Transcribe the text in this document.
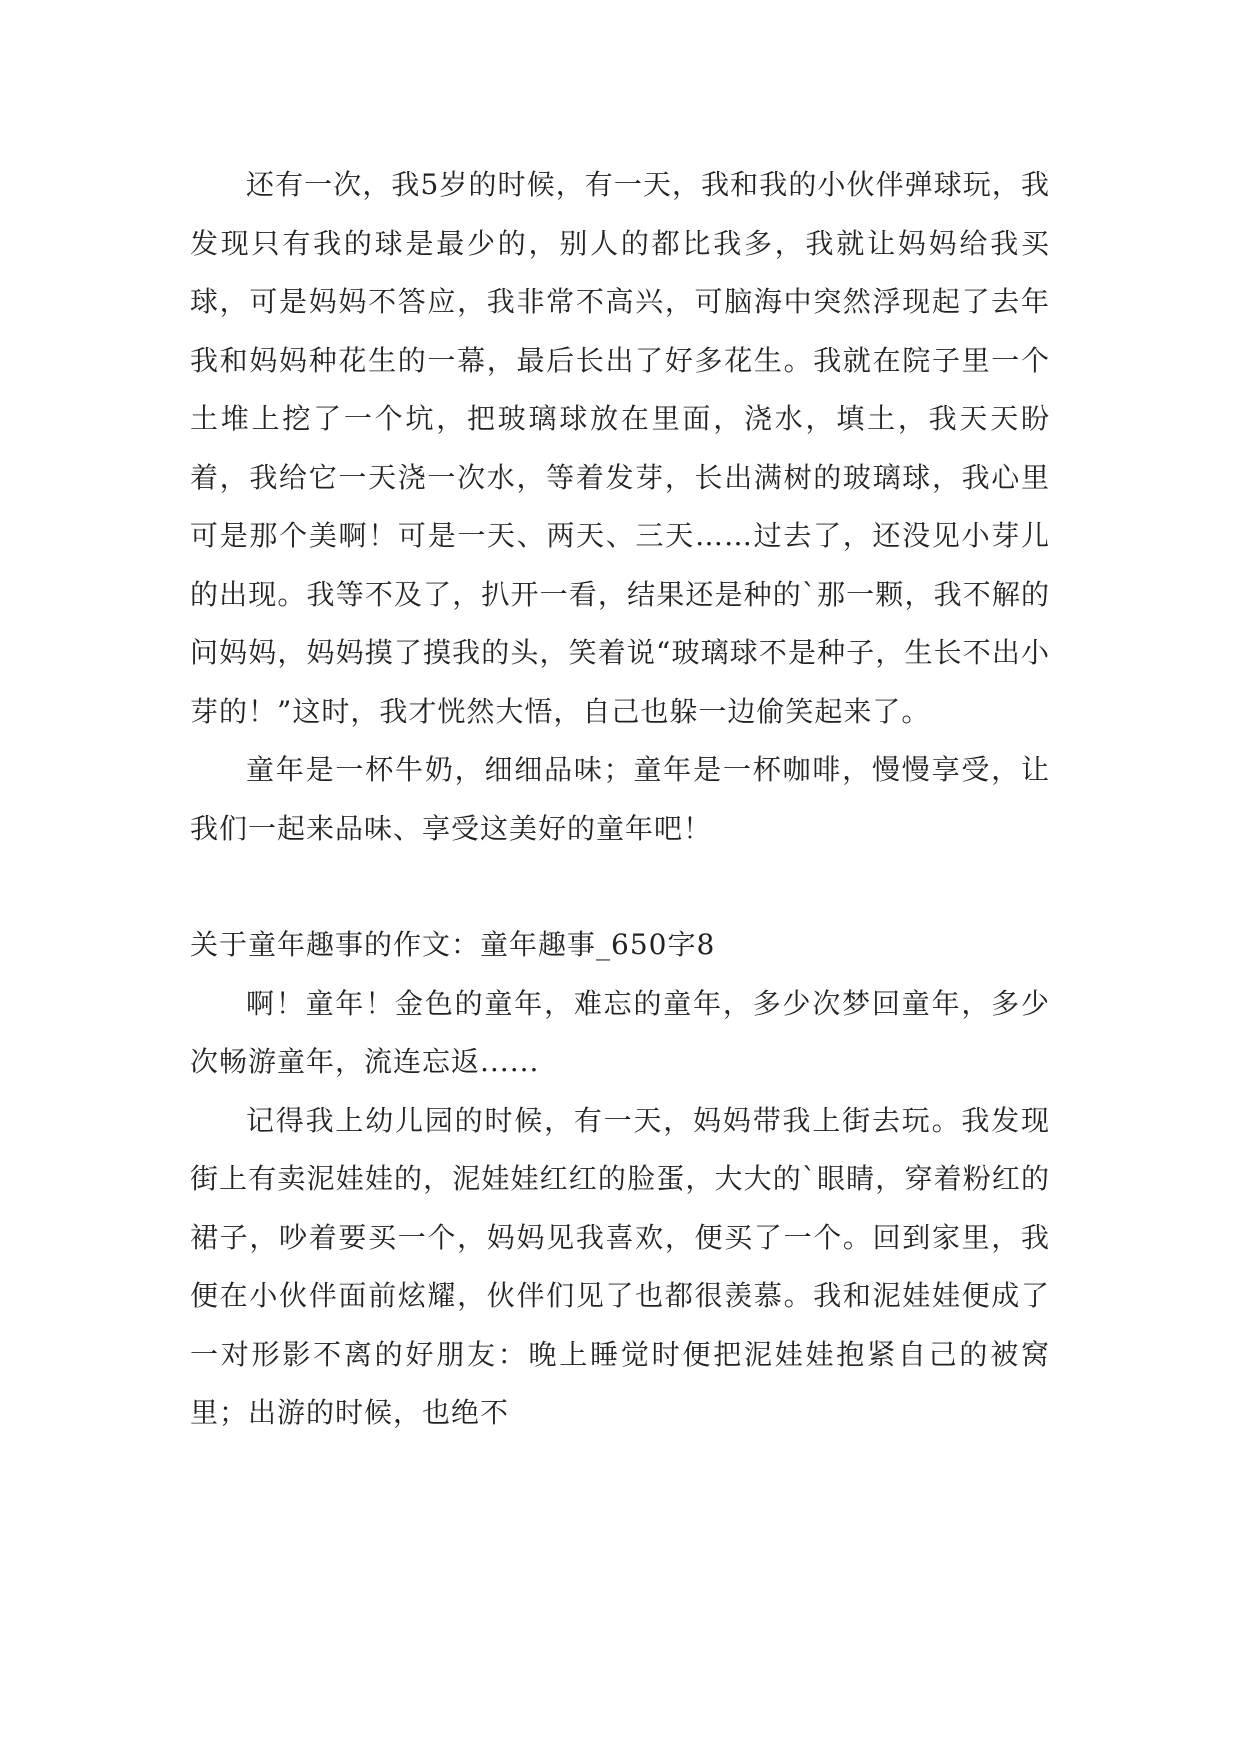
还有一次，我5岁的时候，有一天，我和我的小伙伴弹球玩，我发现只有我的球是最少的，别人的都比我多，我就让妈妈给我买球，可是妈妈不答应，我非常不高兴，可脑海中突然浮现起了去年我和妈妈种花生的一幕，最后长出了好多花生。我就在院子里一个土堆上挖了一个坑，把玻璃球放在里面，浇水，填土，我天天盼着，我给它一天浇一次水，等着发芽，长出满树的玻璃球，我心里可是那个美啊！可是一天、两天、三天……过去了，还没见小芽儿的出现。我等不及了，扒开一看，结果还是种的`那一颗，我不解的问妈妈，妈妈摸了摸我的头，笑着说“玻璃球不是种子，生长不出小芽的！”这时，我才恍然大悟，自己也躲一边偷笑起来了。

童年是一杯牛奶，细细品味；童年是一杯咖啡，慢慢享受，让我们一起来品味、享受这美好的童年吧！

关于童年趣事的作文：童年趣事_650字8

啊！童年！金色的童年，难忘的童年，多少次梦回童年，多少次畅游童年，流连忘返......

记得我上幼儿园的时候，有一天，妈妈带我上街去玩。我发现街上有卖泥娃娃的，泥娃娃红红的脸蛋，大大的`眼睛，穿着粉红的裙子，吵着要买一个，妈妈见我喜欢，便买了一个。回到家里，我便在小伙伴面前炫耀，伙伴们见了也都很羡慕。我和泥娃娃便成了一对形影不离的好朋友：晚上睡觉时便把泥娃娃抱紧自己的被窝里；出游的时候，也绝不
